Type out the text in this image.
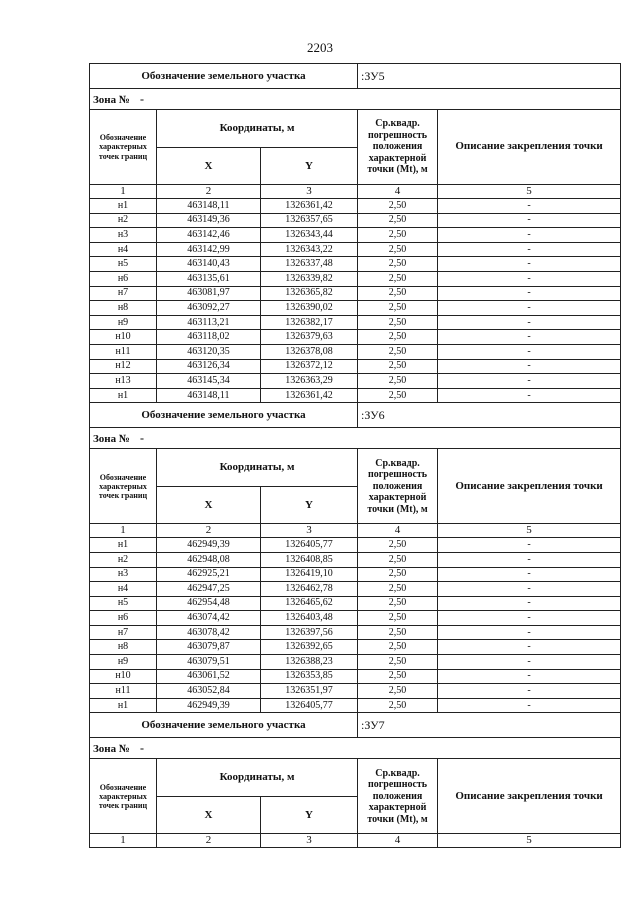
2203
Обозначение земельного участка			:ЗУ5	
Зона № -				
Обозначение характерных точек границ	Координаты, м		Ср.квадр. погрешность положения характерной точки (Mt), м	Описание закрепления точки
	X	Y		
1	2	3	4	5
н1	463148,11	1326361,42	2,50	-
н2	463149,36	1326357,65	2,50	-
н3	463142,46	1326343,44	2,50	-
н4	463142,99	1326343,22	2,50	-
н5	463140,43	1326337,48	2,50	-
н6	463135,61	1326339,82	2,50	-
н7	463081,97	1326365,82	2,50	-
н8	463092,27	1326390,02	2,50	-
н9	463113,21	1326382,17	2,50	-
н10	463118,02	1326379,63	2,50	-
н11	463120,35	1326378,08	2,50	-
н12	463126,34	1326372,12	2,50	-
н13	463145,34	1326363,29	2,50	-
н1	463148,11	1326361,42	2,50	-
Обозначение земельного участка			:ЗУ6	
Зона № -				
Обозначение характерных точек границ	Координаты, м		Ср.квадр. погрешность положения характерной точки (Mt), м	Описание закрепления точки
	X	Y		
1	2	3	4	5
н1	462949,39	1326405,77	2,50	-
н2	462948,08	1326408,85	2,50	-
н3	462925,21	1326419,10	2,50	-
н4	462947,25	1326462,78	2,50	-
н5	462954,48	1326465,62	2,50	-
н6	463074,42	1326403,48	2,50	-
н7	463078,42	1326397,56	2,50	-
н8	463079,87	1326392,65	2,50	-
н9	463079,51	1326388,23	2,50	-
н10	463061,52	1326353,85	2,50	-
н11	463052,84	1326351,97	2,50	-
н1	462949,39	1326405,77	2,50	-
Обозначение земельного участка			:ЗУ7	
Зона № -				
Обозначение характерных точек границ	Координаты, м		Ср.квадр. погрешность положения характерной точки (Mt), м	Описание закрепления точки
	X	Y		
1	2	3	4	5
